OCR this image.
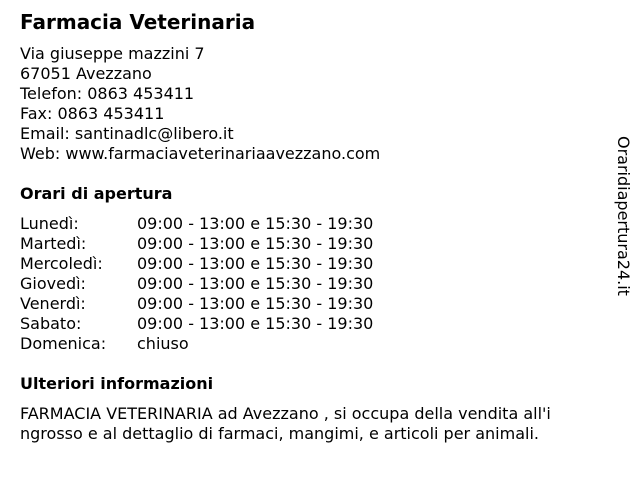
Farmacia Veterinaria
Via giuseppe mazzini 7
67051 Avezzano
Telefon: 0863 453411
Fax: 0863 453411
Email: santinadlc@libero.it
Web: www.farmaciaveterinariaavezzano.com
Orari di apertura
Lunedì:	09:00 - 13:00 e 15:30 - 19:30
Martedì:	09:00 - 13:00 e 15:30 - 19:30
Mercoledì: 09:00 - 13:00 e 15:30 - 19:30
Giovedì:	09:00 - 13:00 e 15:30 - 19:30
Venerdì:	09:00 - 13:00 e 15:30 - 19:30
Sabato:	09:00 - 13:00 e 15:30 - 19:30
Domenica: chiuso
Ulteriori informazioni
FARMACIA VETERINARIA ad Avezzano , si occupa della vendita all'i
ngrosso e al dettaglio di farmaci, mangimi, e articoli per animali.
Oraridiapertura24.it
